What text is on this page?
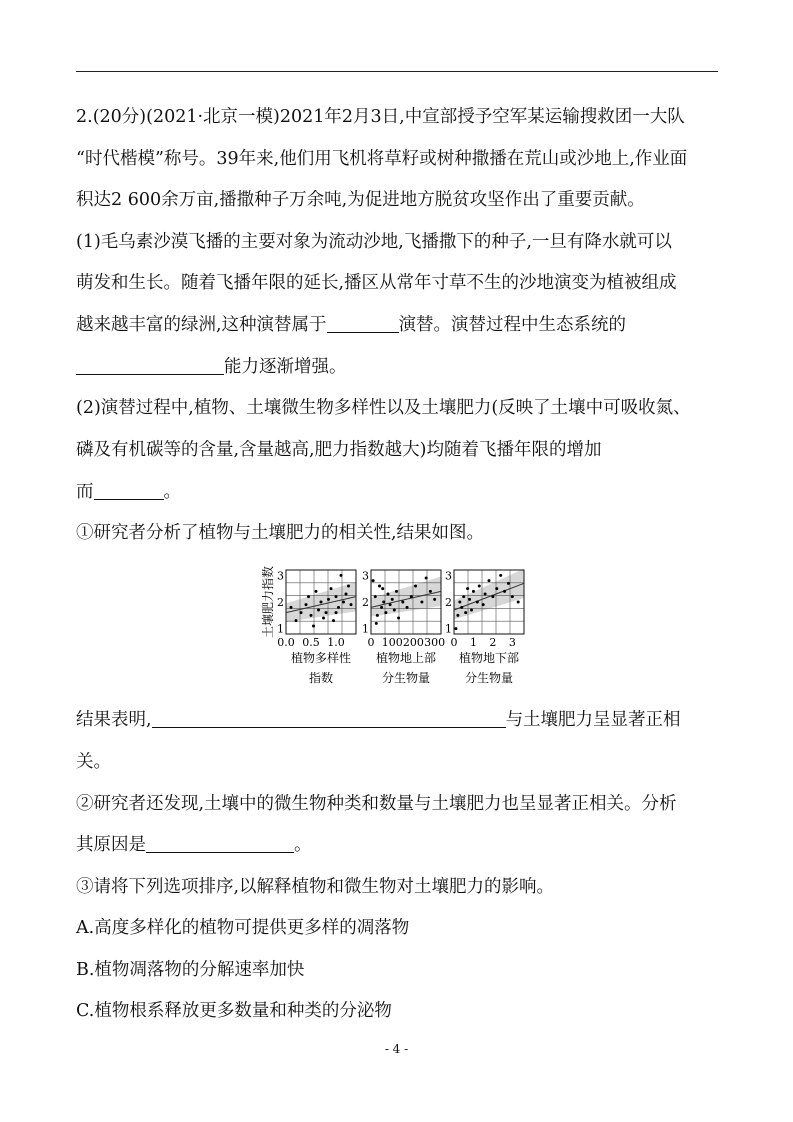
2.(20分)(2021·北京一模)2021年2月3日,中宣部授予空军某运输搜救团一大队
“时代楷模”称号。39年来,他们用飞机将草籽或树种撒播在荒山或沙地上,作业面
积达2 600余万亩,播撒种子万余吨,为促进地方脱贫攻坚作出了重要贡献。
(1)毛乌素沙漠飞播的主要对象为流动沙地,飞播撒下的种子,一旦有降水就可以
萌发和生长。随着飞播年限的延长,播区从常年寸草不生的沙地演变为植被组成
越来越丰富的绿洲,这种演替属于	演替。演替过程中生态系统的
能力逐渐增强。
(2)演替过程中,植物、土壤微生物多样性以及土壤肥力(反映了土壤中可吸收氮、
磷及有机碳等的含量,含量越高,肥力指数越大)均随着飞播年限的增加
而	。
①研究者分析了植物与土壤肥力的相关性,结果如图。
土壤肥力指数 1
2
3
0.0 0.5 1.0
植物多样性
指数
1
2
3
0 100 200 300
植物地上部
分生物量
1
2
3
0 1 2 3
植物地下部
分生物量
结果表明,	与土壤肥力呈显著正相
关。
②研究者还发现,土壤中的微生物种类和数量与土壤肥力也呈显著正相关。分析
其原因是	。
③请将下列选项排序,以解释植物和微生物对土壤肥力的影响。
A.高度多样化的植物可提供更多样的凋落物
B.植物凋落物的分解速率加快
C.植物根系释放更多数量和种类的分泌物
- 4 -
